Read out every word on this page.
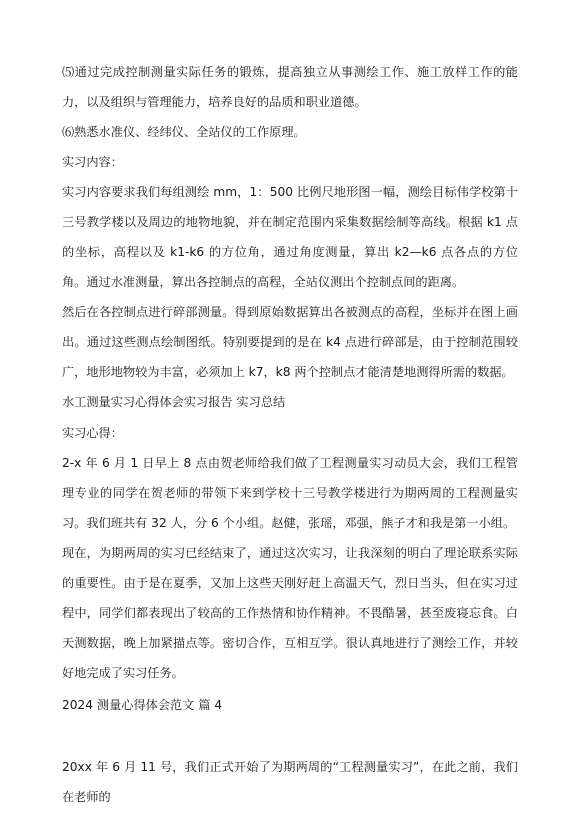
⑸通过完成控制测量实际任务的锻炼，提高独立从事测绘工作、施工放样工作的能力，以及组织与管理能力，培养良好的品质和职业道德。

⑹熟悉水准仪、经纬仪、全站仪的工作原理。

实习内容：

实习内容要求我们每组测绘 mm，1：500 比例尺地形图一幅，测绘目标伟学校第十三号教学楼以及周边的地物地貌，并在制定范围内采集数据绘制等高线。根据 k1 点的坐标，高程以及 k1-k6 的方位角，通过角度测量，算出 k2—k6 点各点的方位角。通过水准测量，算出各控制点的高程，全站仪测出个控制点间的距离。

然后在各控制点进行碎部测量。得到原始数据算出各被测点的高程，坐标并在图上画出。通过这些测点绘制图纸。特别要提到的是在 k4 点进行碎部是，由于控制范围较广，地形地物较为丰富，必须加上 k7，k8 两个控制点才能清楚地测得所需的数据。

水工测量实习心得体会实习报告 实习总结

实习心得：

2-x 年 6 月 1 日早上 8 点由贺老师给我们做了工程测量实习动员大会，我们工程管理专业的同学在贺老师的带领下来到学校十三号教学楼进行为期两周的工程测量实习。我们班共有 32 人，分 6 个小组。赵健，张瑶，邓强，熊子才和我是第一小组。

现在，为期两周的实习已经结束了，通过这次实习，让我深刻的明白了理论联系实际的重要性。由于是在夏季，又加上这些天刚好赶上高温天气，烈日当头，但在实习过程中，同学们都表现出了较高的工作热情和协作精神。不畏酷暑，甚至废寝忘食。白天测数据，晚上加紧描点等。密切合作，互相互学。很认真地进行了测绘工作，并较好地完成了实习任务。

2024 测量心得体会范文 篇 4

20xx 年 6 月 11 号，我们正式开始了为期两周的“工程测量实习”，在此之前，我们在老师的
